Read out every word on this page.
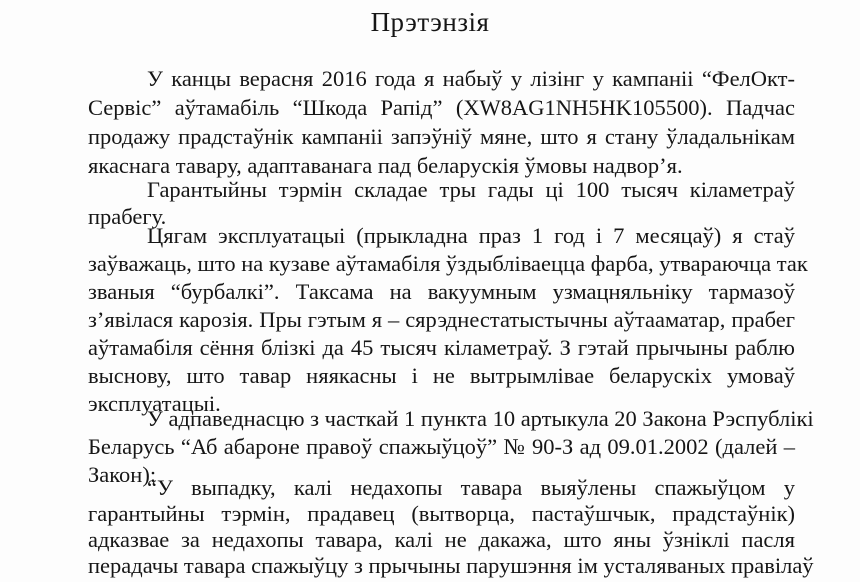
Прэтэнзія
У канцы верасня 2016 года я набыў у лізінг у кампаніі “ФелОкт-
Сервіс” аўтамабіль “Шкода Рапід” (XW8AG1NH5HK105500). Падчас
продажу прадстаўнік кампаніі запэўніў мяне, што я стану ўладальнікам
якаснага тавару, адаптаванага пад беларускія ўмовы надвор’я.
Гарантыйны тэрмін складае тры гады ці 100 тысяч кіламетраў
прабегу.
Цягам эксплуатацыі (прыкладна праз 1 год і 7 месяцаў) я стаў
заўважаць, што на кузаве аўтамабіля ўздыбліваецца фарба, утвараючца так
званыя “бурбалкі”. Таксама на вакуумным узмацняльніку тармазоў
з’явілася карозія. Пры гэтым я – сярэднестатыстычны аўтааматар, прабег
аўтамабіля сёння блізкі да 45 тысяч кіламетраў. З гэтай прычыны раблю
выснову, што тавар няякасны і не вытрымлівае беларускіх умоваў
эксплуатацыі.
У адпаведнасцю з часткай 1 пункта 10 артыкула 20 Закона Рэспублікі
Беларусь “Аб абароне правоў спажыўцоў” № 90-З ад 09.01.2002 (далей –
Закон):
“У выпадку, калі недахопы тавара выяўлены спажыўцом у
гарантыйны тэрмін, прадавец (вытворца, пастаўшчык, прадстаўнік)
адказвае за недахопы тавара, калі не дакажа, што яны ўзніклі пасля
перадачы тавара спажыўцу з прычыны парушэння ім усталяваных правілаў
